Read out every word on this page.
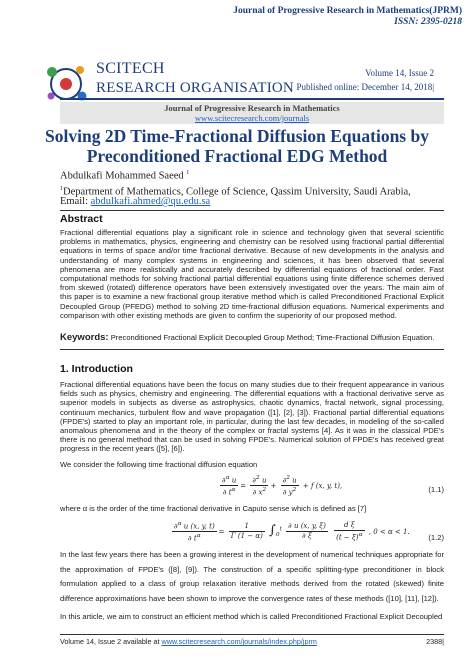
Journal of Progressive Research in Mathematics(JPRM)
ISSN: 2395-0218
SCITECH
RESEARCH ORGANISATION
Volume 14, Issue 2
Published online: December 14, 2018|
Journal of Progressive Research in Mathematics
www.scitecresearch.com/journals
Solving 2D Time-Fractional Diffusion Equations by
Preconditioned Fractional EDG Method
Abdulkafi Mohammed Saeed $^1$
$^1$Department of Mathematics, College of Science, Qassim University, Saudi Arabia,
Email: abdulkafi.ahmed@qu.edu.sa
Abstract
Fractional differential equations play a significant role in science and technology given that several scientific problems in mathematics, physics, engineering and chemistry can be resolved using fractional partial differential equations in terms of space and/or time fractional derivative. Because of new developments in the analysis and understanding of many complex systems in engineering and sciences, it has been observed that several phenomena are more realistically and accurately described by differential equations of fractional order. Fast computational methods for solving fractional partial differential equations using finite difference schemes derived from skewed (rotated) difference operators have been extensively investigated over the years. The main aim of this paper is to examine a new fractional group iterative method which is called Preconditioned Fractional Explicit Decoupled Group (PFEDG) method to solving 2D time-fractional diffusion equations. Numerical experiments and comparison with other existing methods are given to confirm the superiority of our proposed method.
Keywords: Preconditioned Fractional Explicit Decoupled Group Method; Time-Fractional Diffusion Equation.
1. Introduction
Fractional differential equations have been the focus on many studies due to their frequent appearance in various fields such as physics, chemistry and engineering. The differential equations with a fractional derivative serve as superior models in subjects as diverse as astrophysics, chaotic dynamics, fractal network, signal processing, continuum mechanics, turbulent flow and wave propagation ([1], [2], [3]). Fractional partial differential equations (FPDE's) started to play an important role, in particular, during the last few decades, in modeling of the so-called anomalous phenomena and in the theory of the complex or fractal systems [4]. As it was in the classical PDE's there is no general method that can be used in solving FPDE's. Numerical solution of FPDE's has received great progress in the recent years ([5], [6]).
We consider the following time fractional diffusion equation
$\frac{\partial^\alpha u}{\partial t^\alpha} = \frac{\partial^2 u}{\partial x^2} + \frac{\partial^2 u}{\partial y^2} + f$ (x, y, t),	(1.1)
where α is the order of the time fractional derivative in Caputo sense which is defined as [7]
$\frac{\partial^\alpha u (x, y, t)}{\partial t^\alpha} = \frac{1}{\Gamma (1 - \alpha)} \int_0^t \frac{\partial u (x, y, \xi)}{\partial \xi}$
$\frac{\text{d ξ}}{(t - \xi)^\alpha}$ , 0 < α < 1.
(1.2)
In the last few years there has been a growing interest in the development of numerical techniques appropriate for the approximation of FPDE's ([8], [9]). The construction of a specific splitting-type preconditioner in block formulation applied to a class of group relaxation iterative methods derived from the rotated (skewed) finite difference approximations have been shown to improve the convergence rates of these methods ([10], [11], [12]).
In this article, we aim to construct an efficient method which is called Preconditioned Fractional Explicit Decoupled
Volume 14, Issue 2 available at www.scitecresearch.com/journals/index.php/jprm	2388|
